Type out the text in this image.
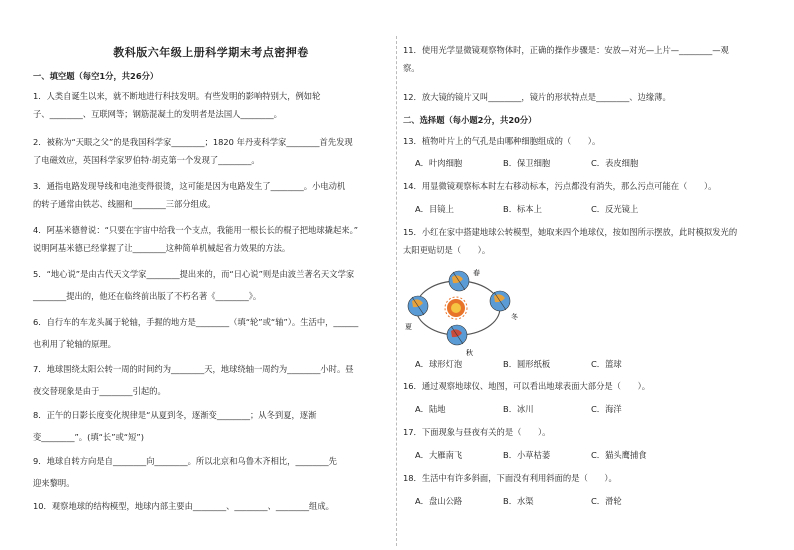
教科版六年级上册科学期末考点密押卷
一、填空题（每空1分，共26分）
1．人类自诞生以来，就不断地进行科技发明。有些发明的影响特别大，例如轮
子、________、互联网等；钢筋混凝土的发明者是法国人________。
2．被称为“天眼之父”的是我国科学家________；1820 年丹麦科学家________首先发现
了电磁效应，英国科学家罗伯特·胡克第一个发现了________。
3．通指电路发现导线和电池变得很烫，这可能是因为电路发生了________。小电动机
的转子通常由铁芯、线圈和________三部分组成。
4．阿基米德曾说：“只要在宇宙中给我一个支点，我能用一根长长的棍子把地球撬起来。”
说明阿基米德已经掌握了让________这种简单机械起省力效果的方法。
5．“地心说”是由古代天文学家________提出来的，而“日心说”则是由波兰著名天文学家
________提出的，他还在临终前出版了不朽名著《________》。
6．自行车的车龙头属于轮轴，手握的地方是________（填“轮”或“轴”）。生活中，______
也利用了轮轴的原理。
7．地球围绕太阳公转一周的时间约为________天，地球绕轴一周约为________小时。昼
夜交替现象是由于________引起的。
8．正午的日影长度变化规律是“从夏到冬，逐渐变________；从冬到夏，逐渐
变________”。(填“长”或“短”)
9．地球自转方向是自________向________。所以北京和乌鲁木齐相比，________先
迎来黎明。
10．观察地球的结构模型，地球内部主要由________、________、________组成。
11．使用光学显微镜观察物体时，正确的操作步骤是：安放—对光—上片—________—观
察。
12．放大镜的镜片又叫________，镜片的形状特点是________、边缘薄。
二、选择题（每小题2分，共20分）
13．植物叶片上的气孔是由哪种细胞组成的（　　）。
A．叶肉细胞	B．保卫细胞	C．表皮细胞
14．用显微镜观察标本时左右移动标本，污点都没有消失，那么污点可能在（　　）。
A．目镜上	B．标本上	C．反光镜上
15．小红在家中搭建地球公转模型，她取来四个地球仪，按如图所示摆放，此时模拟发光的
太阳更贴切是（　　）。
春
夏
冬
秋
A．球形灯泡	B．圆形纸板	C．篮球
16．通过观察地球仪、地图，可以看出地球表面大部分是（　　）。
A．陆地	B．冰川	C．海洋
17．下面现象与昼夜有关的是（　　）。
A．大雁南飞	B．小草枯萎	C．猫头鹰捕食
18．生活中有许多斜面，下面没有利用斜面的是（　　）。
A．盘山公路	B．水渠	C．滑轮
